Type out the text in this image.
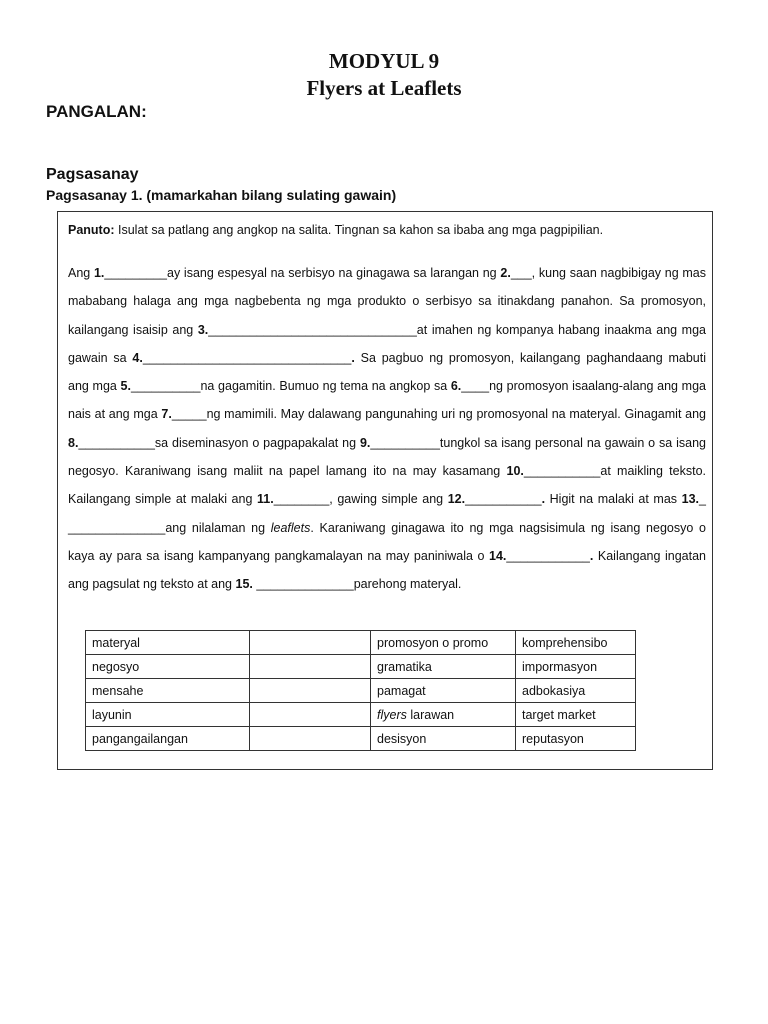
MODYUL 9
Flyers at Leaflets
PANGALAN:
Pagsasanay
Pagsasanay 1. (mamarkahan bilang sulating gawain)
Panuto: Isulat sa patlang ang angkop na salita. Tingnan sa kahon sa ibaba ang mga pagpipilian.
Ang 1._________ay isang espesyal na serbisyo na ginagawa sa larangan ng 2.___, kung saan nagbibigay ng mas mababang halaga ang mga nagbebenta ng mga produkto o serbisyo sa itinakdang panahon. Sa promosyon, kailangang isaisip ang 3.______________________________at imahen ng kompanya habang inaakma ang mga gawain sa 4.______________________________. Sa pagbuo ng promosyon, kailangang paghandaang mabuti ang mga 5.__________na gagamitin. Bumuo ng tema na angkop sa 6.____ng promosyon isaalang-alang ang mga nais at ang mga 7._____ng mamimili. May dalawang pangunahing uri ng promosyonal na materyal. Ginagamit ang 8.___________sa diseminasyon o pagpapakalat ng 9.__________tungkol sa isang personal na gawain o sa isang negosyo. Karaniwang isang maliit na papel lamang ito na may kasamang 10.___________at maikling teksto. Kailangang simple at malaki ang 11.________, gawing simple ang 12.___________. Higit na malaki at mas 13._ ______________ang nilalaman ng leaflets. Karaniwang ginagawa ito ng mga nagsisimula ng isang negosyo o kaya ay para sa isang kampanyang pangkamalayan na may paniniwala o 14.____________. Kailangang ingatan ang pagsulat ng teksto at ang 15. ______________parehong materyal.
materyal		promosyon o promo	komprehensibo
negosyo		gramatika	impormasyon
mensahe		pamagat	adbokasiya
layunin		flyers larawan	target market
pangangailangan		desisyon	reputasyon
